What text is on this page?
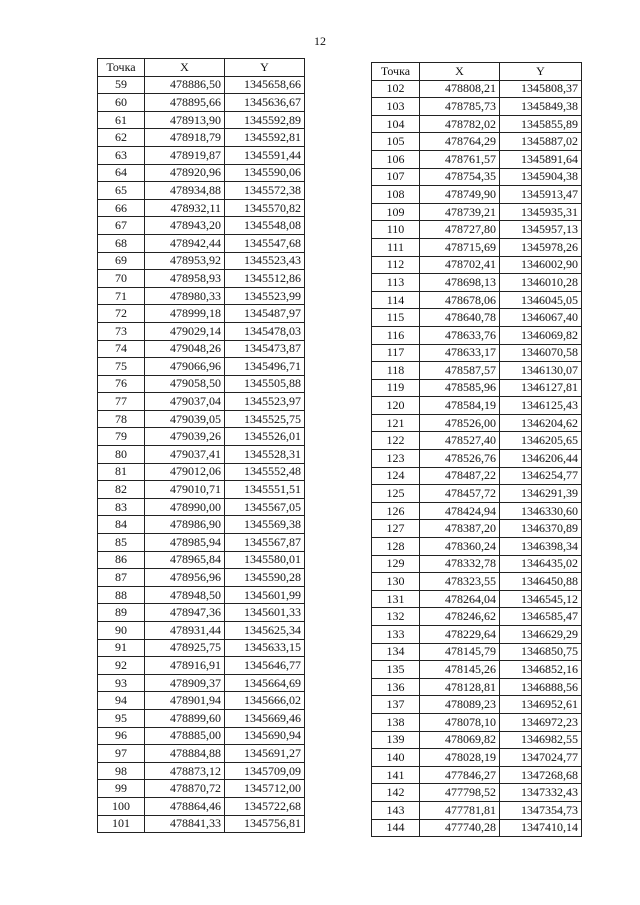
12
Точка	X	Y
59	478886,50	1345658,66
60	478895,66	1345636,67
61	478913,90	1345592,89
62	478918,79	1345592,81
63	478919,87	1345591,44
64	478920,96	1345590,06
65	478934,88	1345572,38
66	478932,11	1345570,82
67	478943,20	1345548,08
68	478942,44	1345547,68
69	478953,92	1345523,43
70	478958,93	1345512,86
71	478980,33	1345523,99
72	478999,18	1345487,97
73	479029,14	1345478,03
74	479048,26	1345473,87
75	479066,96	1345496,71
76	479058,50	1345505,88
77	479037,04	1345523,97
78	479039,05	1345525,75
79	479039,26	1345526,01
80	479037,41	1345528,31
81	479012,06	1345552,48
82	479010,71	1345551,51
83	478990,00	1345567,05
84	478986,90	1345569,38
85	478985,94	1345567,87
86	478965,84	1345580,01
87	478956,96	1345590,28
88	478948,50	1345601,99
89	478947,36	1345601,33
90	478931,44	1345625,34
91	478925,75	1345633,15
92	478916,91	1345646,77
93	478909,37	1345664,69
94	478901,94	1345666,02
95	478899,60	1345669,46
96	478885,00	1345690,94
97	478884,88	1345691,27
98	478873,12	1345709,09
99	478870,72	1345712,00
100	478864,46	1345722,68
101	478841,33	1345756,81
Точка	X	Y
102	478808,21	1345808,37
103	478785,73	1345849,38
104	478782,02	1345855,89
105	478764,29	1345887,02
106	478761,57	1345891,64
107	478754,35	1345904,38
108	478749,90	1345913,47
109	478739,21	1345935,31
110	478727,80	1345957,13
111	478715,69	1345978,26
112	478702,41	1346002,90
113	478698,13	1346010,28
114	478678,06	1346045,05
115	478640,78	1346067,40
116	478633,76	1346069,82
117	478633,17	1346070,58
118	478587,57	1346130,07
119	478585,96	1346127,81
120	478584,19	1346125,43
121	478526,00	1346204,62
122	478527,40	1346205,65
123	478526,76	1346206,44
124	478487,22	1346254,77
125	478457,72	1346291,39
126	478424,94	1346330,60
127	478387,20	1346370,89
128	478360,24	1346398,34
129	478332,78	1346435,02
130	478323,55	1346450,88
131	478264,04	1346545,12
132	478246,62	1346585,47
133	478229,64	1346629,29
134	478145,79	1346850,75
135	478145,26	1346852,16
136	478128,81	1346888,56
137	478089,23	1346952,61
138	478078,10	1346972,23
139	478069,82	1346982,55
140	478028,19	1347024,77
141	477846,27	1347268,68
142	477798,52	1347332,43
143	477781,81	1347354,73
144	477740,28	1347410,14
